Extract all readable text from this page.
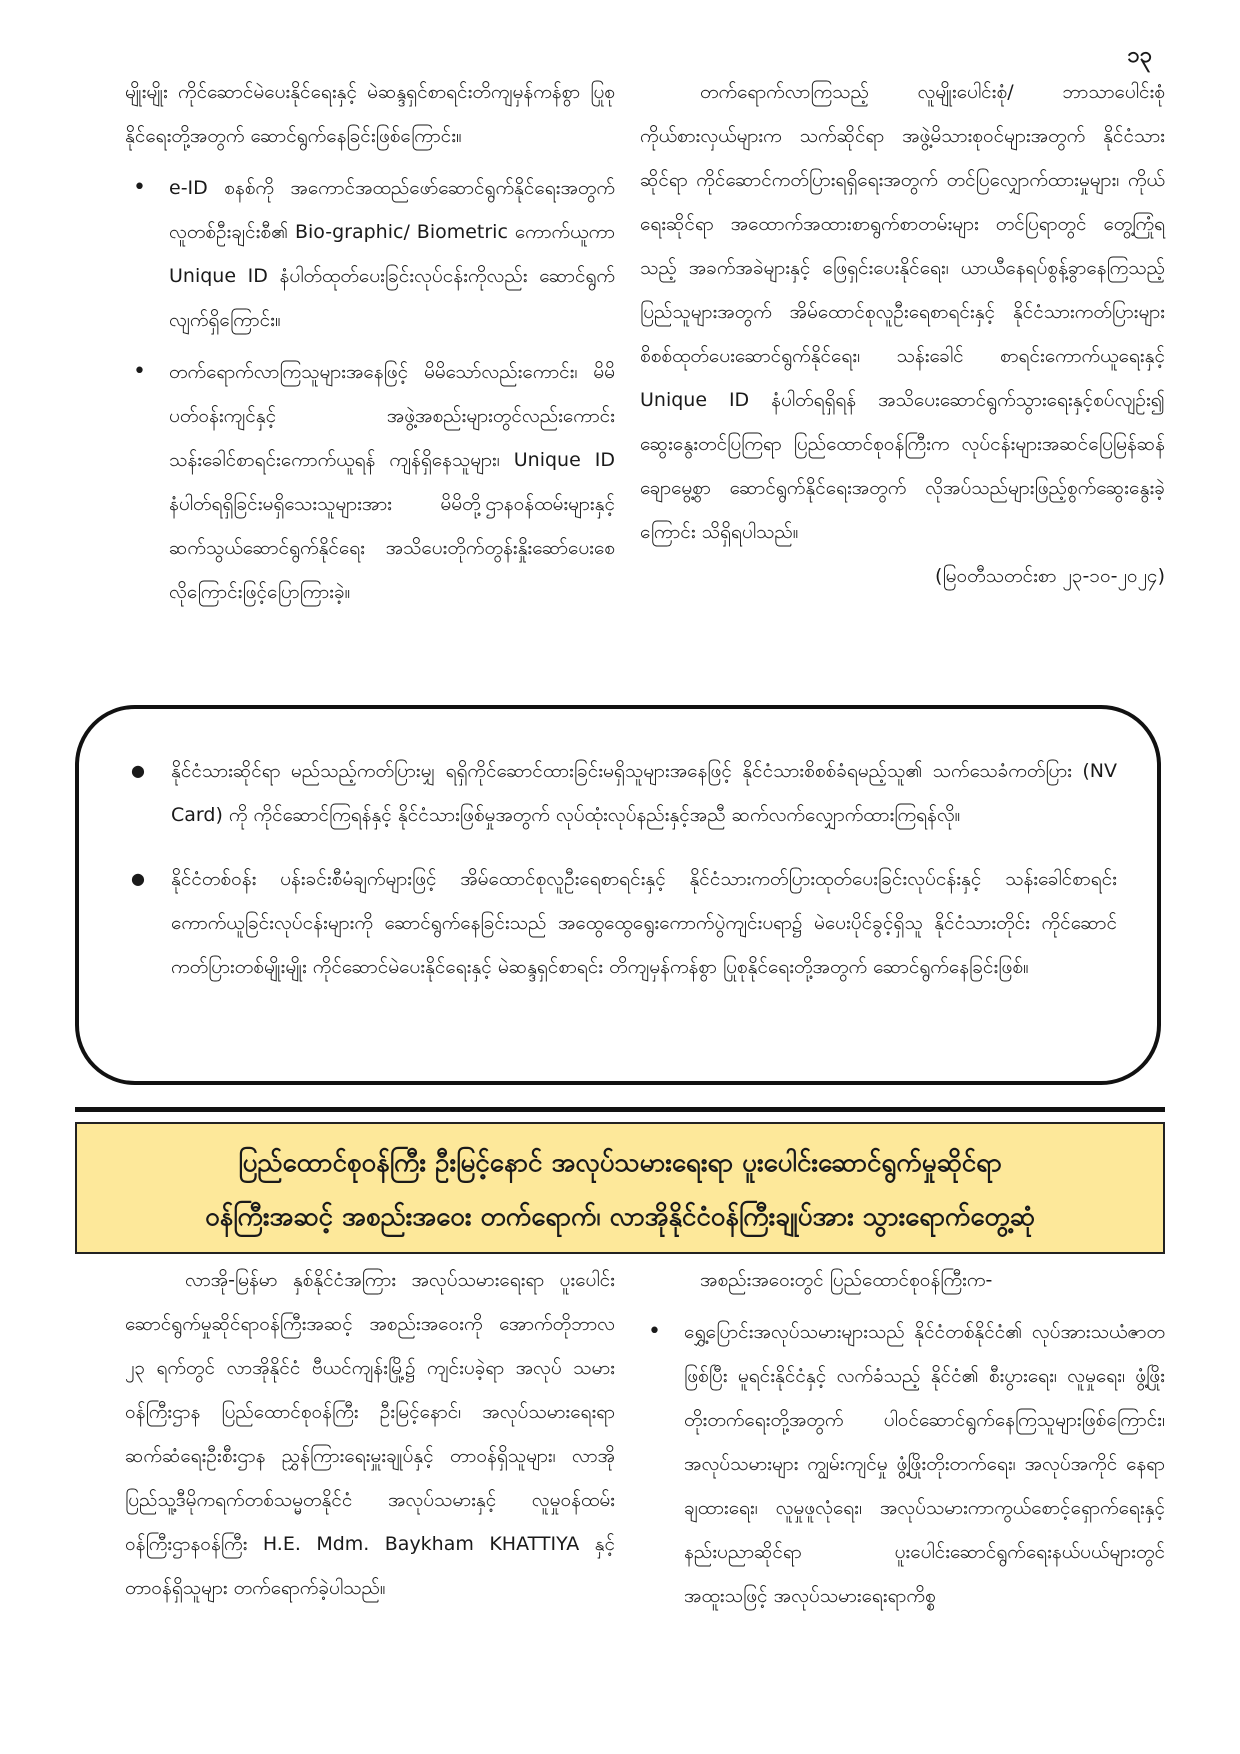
၁၃

မျိုးမျိုး ကိုင်ဆောင်မဲပေးနိုင်ရေးနှင့် မဲဆန္ဒရှင်စာရင်းတိကျမှန်ကန်စွာ ပြုစုနိုင်ရေးတို့အတွက် ဆောင်ရွက်နေခြင်းဖြစ်ကြောင်း။

• e-ID စနစ်ကို အကောင်အထည်ဖော်ဆောင်ရွက်နိုင်ရေးအတွက် လူတစ်ဦးချင်းစီ၏ Bio-graphic/ Biometric ကောက်ယူကာ Unique ID နံပါတ်ထုတ်ပေးခြင်းလုပ်ငန်းကိုလည်း ဆောင်ရွက်လျက်ရှိကြောင်း။
• တက်ရောက်လာကြသူများအနေဖြင့် မိမိသော်လည်းကောင်း၊ မိမိပတ်ဝန်းကျင်နှင့် အဖွဲ့အစည်းများတွင်လည်းကောင်း သန်းခေါင်စာရင်းကောက်ယူရန် ကျန်ရှိနေသူများ၊ Unique ID နံပါတ်ရရှိခြင်းမရှိသေးသူများအား မိမိတို့ဌာနဝန်ထမ်းများနှင့် ဆက်သွယ်ဆောင်ရွက်နိုင်ရေး အသိပေးတိုက်တွန်းနှိုးဆော်ပေးစေလိုကြောင်းဖြင့်ပြောကြားခဲ့။

တက်ရောက်လာကြသည့် လူမျိုးပေါင်းစုံ/ ဘာသာပေါင်းစုံ ကိုယ်စားလှယ်များက သက်ဆိုင်ရာ အဖွဲ့မိသားစုဝင်များအတွက် နိုင်ငံသားဆိုင်ရာ ကိုင်ဆောင်ကတ်ပြားရရှိရေးအတွက် တင်ပြလျှောက်ထားမှုများ၊ ကိုယ်ရေးဆိုင်ရာ အထောက်အထားစာရွက်စာတမ်းများ တင်ပြရာတွင် တွေ့ကြုံရသည့် အခက်အခဲများနှင့် ဖြေရှင်းပေးနိုင်ရေး၊ ယာယီနေရပ်စွန့်ခွာနေကြသည့် ပြည်သူများအတွက် အိမ်ထောင်စုလူဦးရေစာရင်းနှင့် နိုင်ငံသားကတ်ပြားများ စိစစ်ထုတ်ပေးဆောင်ရွက်နိုင်ရေး၊ သန်းခေါင် စာရင်းကောက်ယူရေးနှင့် Unique ID နံပါတ်ရရှိရန် အသိပေးဆောင်ရွက်သွားရေးနှင့်စပ်လျဉ်း၍ ဆွေးနွေးတင်ပြကြရာ ပြည်ထောင်စုဝန်ကြီးက လုပ်ငန်းများအဆင်ပြေမြန်ဆန်ချောမွေ့စွာ ဆောင်ရွက်နိုင်ရေးအတွက် လိုအပ်သည်များဖြည့်စွက်ဆွေးနွေးခဲ့ကြောင်း သိရှိရပါသည်။

(မြဝတီသတင်းစာ ၂၃-၁၀-၂၀၂၄)

● နိုင်ငံသားဆိုင်ရာ မည်သည့်ကတ်ပြားမျှ ရရှိကိုင်ဆောင်ထားခြင်းမရှိသူများအနေဖြင့် နိုင်ငံသားစိစစ်ခံရမည့်သူ၏ သက်သေခံကတ်ပြား (NV Card) ကို ကိုင်ဆောင်ကြရန်နှင့် နိုင်ငံသားဖြစ်မှုအတွက် လုပ်ထုံးလုပ်နည်းနှင့်အညီ ဆက်လက်လျှောက်ထားကြရန်လို။
● နိုင်ငံတစ်ဝန်း ပန်းခင်းစီမံချက်များဖြင့် အိမ်ထောင်စုလူဦးရေစာရင်းနှင့် နိုင်ငံသားကတ်ပြားထုတ်ပေးခြင်းလုပ်ငန်းနှင့် သန်းခေါင်စာရင်း ကောက်ယူခြင်းလုပ်ငန်းများကို ဆောင်ရွက်နေခြင်းသည် အထွေထွေရွေးကောက်ပွဲကျင်းပရာ၌ မဲပေးပိုင်ခွင့်ရှိသူ နိုင်ငံသားတိုင်း ကိုင်ဆောင်ကတ်ပြားတစ်မျိုးမျိုး ကိုင်ဆောင်မဲပေးနိုင်ရေးနှင့် မဲဆန္ဒရှင်စာရင်း တိကျမှန်ကန်စွာ ပြုစုနိုင်ရေးတို့အတွက် ဆောင်ရွက်နေခြင်းဖြစ်။
ပြည်ထောင်စုဝန်ကြီး ဦးမြင့်နောင် အလုပ်သမားရေးရာ ပူးပေါင်းဆောင်ရွက်မှုဆိုင်ရာ
ဝန်ကြီးအဆင့် အစည်းအဝေး တက်ရောက်၊ လာအိုနိုင်ငံဝန်ကြီးချုပ်အား သွားရောက်တွေ့ဆုံ

လာအို-မြန်မာ နှစ်နိုင်ငံအကြား အလုပ်သမားရေးရာ ပူးပေါင်းဆောင်ရွက်မှုဆိုင်ရာဝန်ကြီးအဆင့် အစည်းအဝေးကို အောက်တိုဘာလ ၂၃ ရက်တွင် လာအိုနိုင်ငံ ဗီယင်ကျန်းမြို့၌ ကျင်းပခဲ့ရာ အလုပ် သမားဝန်ကြီးဌာန ပြည်ထောင်စုဝန်ကြီး ဦးမြင့်နောင်၊ အလုပ်သမားရေးရာဆက်ဆံရေးဦးစီးဌာန ညွှန်ကြားရေးမှူးချုပ်နှင့် တာဝန်ရှိသူများ၊ လာအိုပြည်သူ့ဒီမိုကရက်တစ်သမ္မတနိုင်ငံ အလုပ်သမားနှင့် လူမှုဝန်ထမ်းဝန်ကြီးဌာနဝန်ကြီး H.E. Mdm. Baykham KHATTIYA နှင့် တာဝန်ရှိသူများ တက်ရောက်ခဲ့ပါသည်။

အစည်းအဝေးတွင် ပြည်ထောင်စုဝန်ကြီးက-

• ရွှေ့ပြောင်းအလုပ်သမားများသည် နိုင်ငံတစ်နိုင်ငံ၏ လုပ်အားသယံဇာတဖြစ်ပြီး မူရင်းနိုင်ငံနှင့် လက်ခံသည့် နိုင်ငံ၏ စီးပွားရေး၊ လူမှုရေး၊ ဖွံ့ဖြိုးတိုးတက်ရေးတို့အတွက် ပါဝင်ဆောင်ရွက်နေကြသူများဖြစ်ကြောင်း၊ အလုပ်သမားများ ကျွမ်းကျင်မှု ဖွံ့ဖြိုးတိုးတက်ရေး၊ အလုပ်အကိုင် နေရာချထားရေး၊ လူမှုဖူလုံရေး၊ အလုပ်သမားကာကွယ်စောင့်ရှောက်ရေးနှင့် နည်းပညာဆိုင်ရာ ပူးပေါင်းဆောင်ရွက်ရေးနယ်ပယ်များတွင် အထူးသဖြင့် အလုပ်သမားရေးရာကိစ္စ
